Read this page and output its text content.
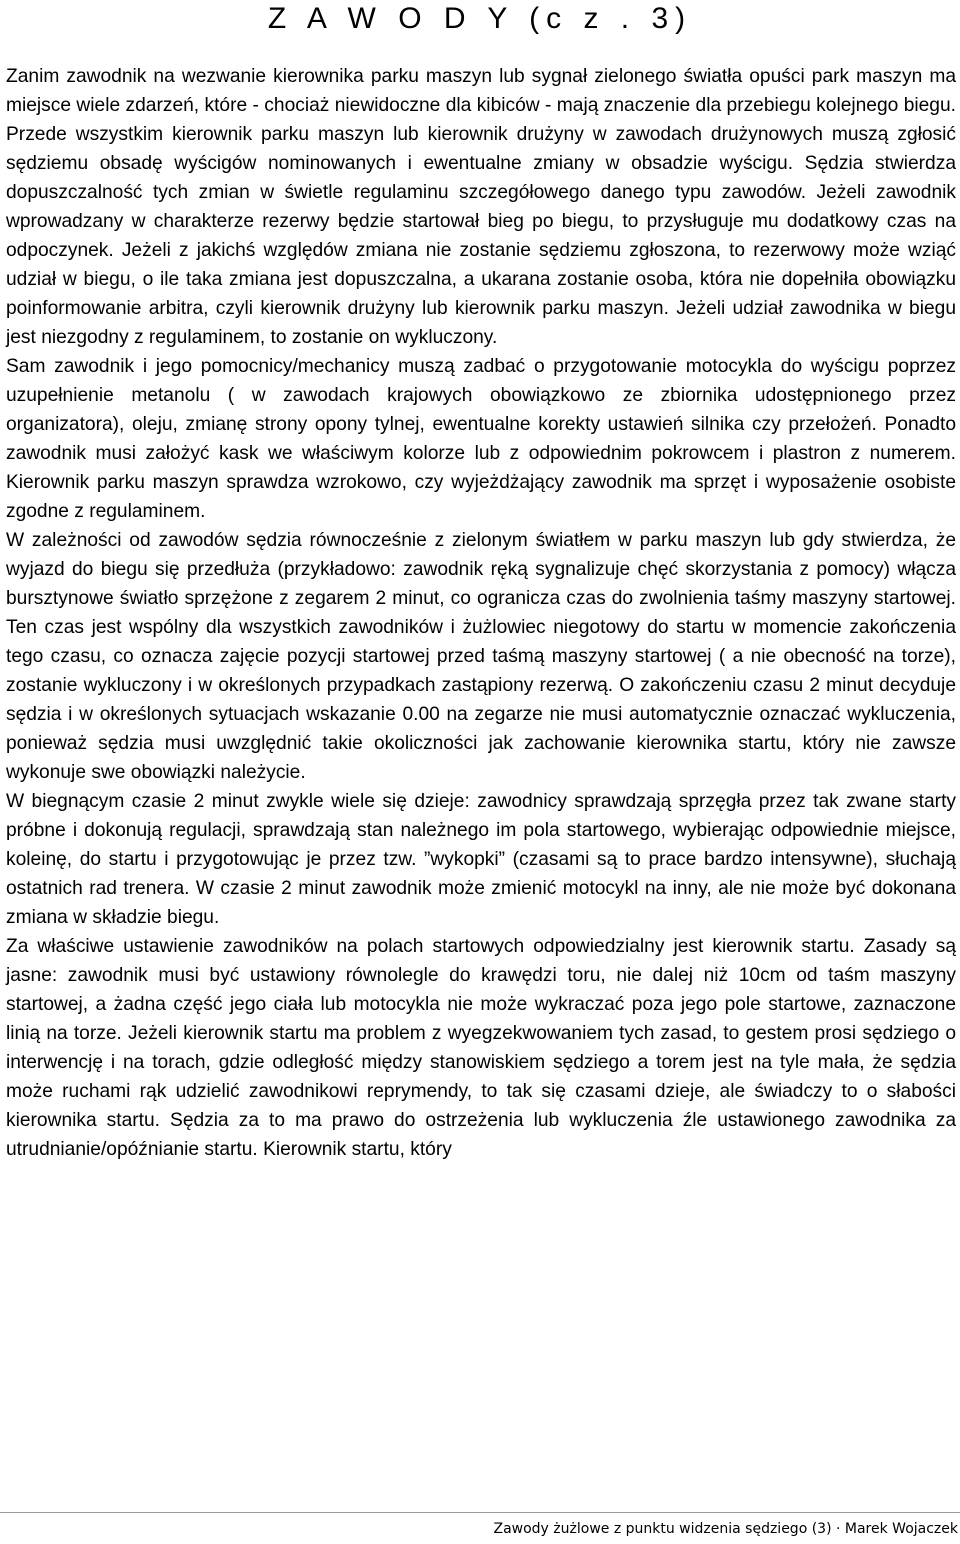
Z A W O D Y (c z . 3)

Zanim zawodnik na wezwanie kierownika parku maszyn lub sygnał zielonego światła opuści park maszyn ma miejsce wiele zdarzeń, które - chociaż niewidoczne dla kibiców - mają znaczenie dla przebiegu kolejnego biegu. Przede wszystkim kierownik parku maszyn lub kierownik drużyny w zawodach drużynowych muszą zgłosić sędziemu obsadę wyścigów nominowanych i ewentualne zmiany w obsadzie wyścigu. Sędzia stwierdza dopuszczalność tych zmian w świetle regulaminu szczegółowego danego typu zawodów. Jeżeli zawodnik wprowadzany w charakterze rezerwy będzie startował bieg po biegu, to przysługuje mu dodatkowy czas na odpoczynek. Jeżeli z jakichś względów zmiana nie zostanie sędziemu zgłoszona, to rezerwowy może wziąć udział w biegu, o ile taka zmiana jest dopuszczalna, a ukarana zostanie osoba, która nie dopełniła obowiązku poinformowanie arbitra, czyli kierownik drużyny lub kierownik parku maszyn. Jeżeli udział zawodnika w biegu jest niezgodny z regulaminem, to zostanie on wykluczony.

Sam zawodnik i jego pomocnicy/mechanicy muszą zadbać o przygotowanie motocykla do wyścigu poprzez uzupełnienie metanolu ( w zawodach krajowych obowiązkowo ze zbiornika udostępnionego przez organizatora), oleju, zmianę strony opony tylnej, ewentualne korekty ustawień silnika czy przełożeń. Ponadto zawodnik musi założyć kask we właściwym kolorze lub z odpowiednim pokrowcem i plastron z numerem. Kierownik parku maszyn sprawdza wzrokowo, czy wyjeżdżający zawodnik ma sprzęt i wyposażenie osobiste zgodne z regulaminem.

W zależności od zawodów sędzia równocześnie z zielonym światłem w parku maszyn lub gdy stwierdza, że wyjazd do biegu się przedłuża (przykładowo: zawodnik ręką sygnalizuje chęć skorzystania z pomocy) włącza bursztynowe światło sprzężone z zegarem 2 minut, co ogranicza czas do zwolnienia taśmy maszyny startowej. Ten czas jest wspólny dla wszystkich zawodników i żużlowiec niegotowy do startu w momencie zakończenia tego czasu, co oznacza zajęcie pozycji startowej przed taśmą maszyny startowej ( a nie obecność na torze), zostanie wykluczony i w określonych przypadkach zastąpiony rezerwą. O zakończeniu czasu 2 minut decyduje sędzia i w określonych sytuacjach wskazanie 0.00 na zegarze nie musi automatycznie oznaczać wykluczenia, ponieważ sędzia musi uwzględnić takie okoliczności jak zachowanie kierownika startu, który nie zawsze wykonuje swe obowiązki należycie.

W biegnącym czasie 2 minut zwykle wiele się dzieje: zawodnicy sprawdzają sprzęgła przez tak zwane starty próbne i dokonują regulacji, sprawdzają stan należnego im pola startowego, wybierając odpowiednie miejsce, koleinę, do startu i przygotowując je przez tzw. ”wykopki” (czasami są to prace bardzo intensywne), słuchają ostatnich rad trenera. W czasie 2 minut zawodnik może zmienić motocykl na inny, ale nie może być dokonana zmiana w składzie biegu.

Za właściwe ustawienie zawodników na polach startowych odpowiedzialny jest kierownik startu. Zasady są jasne: zawodnik musi być ustawiony równolegle do krawędzi toru, nie dalej niż 10cm od taśm maszyny startowej, a żadna część jego ciała lub motocykla nie może wykraczać poza jego pole startowe, zaznaczone linią na torze. Jeżeli kierownik startu ma problem z wyegzekwowaniem tych zasad, to gestem prosi sędziego o interwencję i na torach, gdzie odległość między stanowiskiem sędziego a torem jest na tyle mała, że sędzia może ruchami rąk udzielić zawodnikowi reprymendy, to tak się czasami dzieje, ale świadczy to o słabości kierownika startu. Sędzia za to ma prawo do ostrzeżenia lub wykluczenia źle ustawionego zawodnika za utrudnianie/opóźnianie startu. Kierownik startu, który

Zawody żużlowe z punktu widzenia sędziego (3) · Marek Wojaczek
